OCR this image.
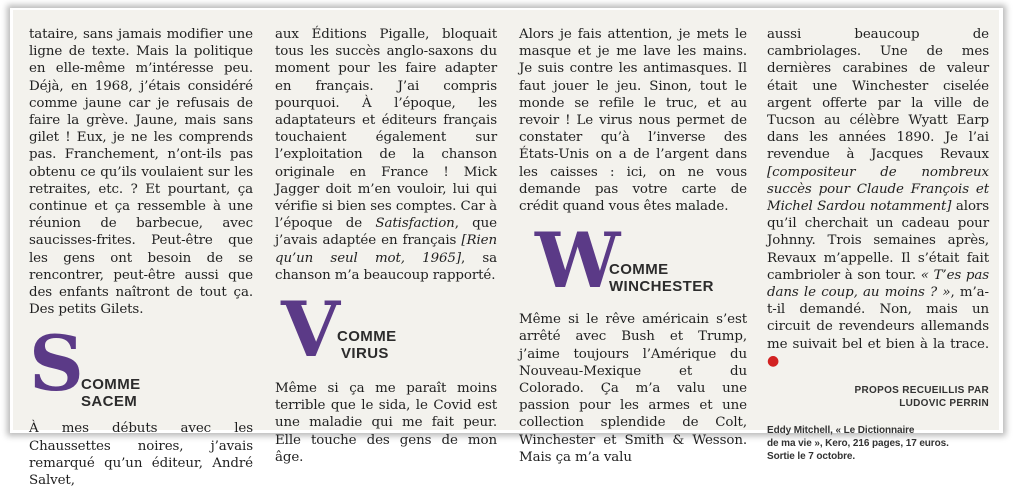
tataire, sans jamais modifier une ligne de texte. Mais la politique en elle-même m’intéresse peu. Déjà, en 1968, j’étais considéré comme jaune car je refusais de faire la grève. Jaune, mais sans gilet ! Eux, je ne les comprends pas. Franchement, n’ont-ils pas obtenu ce qu’ils voulaient sur les retraites, etc. ? Et pourtant, ça continue et ça ressemble à une réunion de barbecue, avec saucisses-frites. Peut-être que les gens ont besoin de se rencontrer, peut-être aussi que des enfants naîtront de tout ça. Des petits Gilets.

S
COMME
SACEM

À mes débuts avec les Chaussettes noires, j’avais remarqué qu’un éditeur, André Salvet,

aux Éditions Pigalle, bloquait tous les succès anglo-saxons du moment pour les faire adapter en français. J’ai compris pourquoi. À l’époque, les adaptateurs et éditeurs français touchaient également sur l’exploitation de la chanson originale en France ! Mick Jagger doit m’en vouloir, lui qui vérifie si bien ses comptes. Car à l’époque de Satisfaction, que j’avais adaptée en français [Rien qu’un seul mot, 1965], sa chanson m’a beaucoup rapporté.

V
COMME
VIRUS

Même si ça me paraît moins terrible que le sida, le Covid est une maladie qui me fait peur. Elle touche des gens de mon âge.

Alors je fais attention, je mets le masque et je me lave les mains. Je suis contre les antimasques. Il faut jouer le jeu. Sinon, tout le monde se refile le truc, et au revoir ! Le virus nous permet de constater qu’à l’inverse des États-Unis on a de l’argent dans les caisses : ici, on ne vous demande pas votre carte de crédit quand vous êtes malade.

W
COMME
WINCHESTER

Même si le rêve américain s’est arrêté avec Bush et Trump, j’aime toujours l’Amérique du Nouveau-Mexique et du Colorado. Ça m’a valu une passion pour les armes et une collection splendide de Colt, Winchester et Smith & Wesson. Mais ça m’a valu

aussi beaucoup de cambriolages. Une de mes dernières carabines de valeur était une Winchester ciselée argent offerte par la ville de Tucson au célèbre Wyatt Earp dans les années 1890. Je l’ai revendue à Jacques Revaux [compositeur de nombreux succès pour Claude François et Michel Sardou notamment] alors qu’il cherchait un cadeau pour Johnny. Trois semaines après, Revaux m’appelle. Il s’était fait cambrioler à son tour. « T’es pas dans le coup, au moins ? », m’a-t-il demandé. Non, mais un circuit de revendeurs allemands me suivait bel et bien à la trace. ●

PROPOS RECUEILLIS PAR
LUDOVIC PERRIN
Eddy Mitchell, « Le Dictionnaire
de ma vie », Kero, 216 pages, 17 euros.
Sortie le 7 octobre.
